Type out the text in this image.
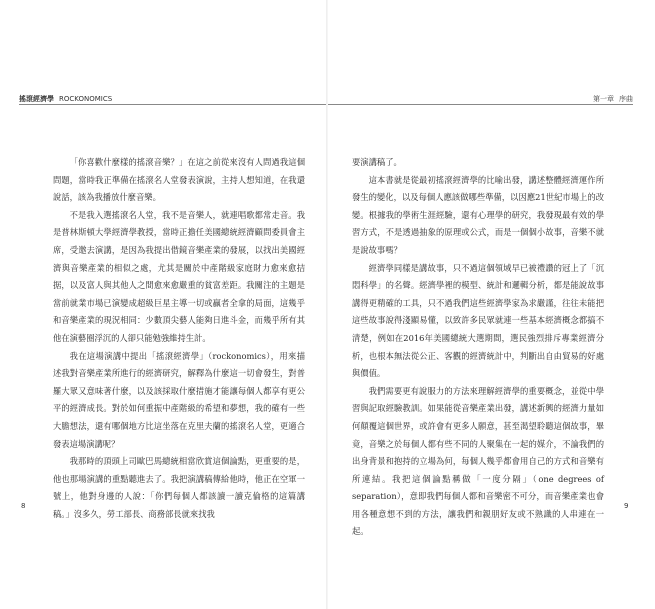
搖滾經濟學 ROCKONOMICS

「你喜歡什麼樣的搖滾音樂？」在這之前從來沒有人問過我這個問題，當時我正準備在搖滾名人堂發表演說，主持人想知道，在我還說話，該為我播放什麼音樂。

不是我入選搖滾名人堂，我不是音樂人，就連唱歌都常走音。我是普林斯頓大學經濟學教授，當時正擔任美國總統經濟顧問委員會主席，受邀去演講，是因為我提出借鏡音樂產業的發展，以找出美國經濟與音樂產業的相似之處，尤其是關於中產階級家庭財力愈來愈拮据，以及富人與其他人之間愈來愈嚴重的貧富差距。我關注的主題是當前就業市場已演變成超級巨星主導一切或贏者全拿的局面，這幾乎和音樂產業的現況相同：少數頂尖藝人能夠日進斗金，而幾乎所有其他在演藝圈浮沉的人卻只能勉強維持生計。

我在這場演講中提出「搖滾經濟學」（rockonomics），用來描述我對音樂產業所進行的經濟研究，解釋為什麼這一切會發生，對普羅大眾又意味著什麼，以及該採取什麼措施才能讓每個人都享有更公平的經濟成長。對於如何重振中產階級的希望和夢想，我的確有一些大膽想法，還有哪個地方比這坐落在克里夫蘭的搖滾名人堂，更適合發表這場演講呢？

我那時的頂頭上司歐巴馬總統相當欣賞這個論點，更重要的是，他也那場演講的重點聽進去了。我把演講稿傳給他時，他正在空軍一號上，他對身邊的人說：「你們每個人都該讀一讀克倫格的這篇講稿。」沒多久，勞工部長、商務部長就來找我

8
第一章 序曲

要演講稿了。

這本書就是從最初搖滾經濟學的比喻出發，講述整體經濟運作所發生的變化，以及每個人應該做哪些準備，以因應21世紀市場上的改變。根據我的學術生涯經驗，還有心理學的研究，我發現最有效的學習方式，不是透過抽象的原理或公式，而是一個個小故事，音樂不就是說故事嗎？

經濟學同樣是講故事，只不過這個領域早已被禮讚的冠上了「沉悶科學」的名聲。經濟學裡的模型、統計和邏輯分析，都是能說故事講得更精確的工具，只不過我們這些經濟學家為求嚴謹，往往未能把這些故事說得淺顯易懂，以致許多民眾就連一些基本經濟概念都搞不清楚，例如在2016年美國總統大選期間，選民強烈排斥專業經濟分析，也根本無法從公正、客觀的經濟統計中，判斷出自由貿易的好處與價值。

我們需要更有說服力的方法來理解經濟學的重要概念，並從中學習與記取經驗教訓。如果能從音樂產業出發，講述新興的經濟力量如何顛覆這個世界，或許會有更多人願意，甚至渴望聆聽這個故事，畢竟，音樂之於每個人都有些不同的人聚集在一起的媒介，不論我們的出身背景和抱持的立場為何，每個人幾乎都會用自己的方式和音樂有所連結。我把這個論點稱做「一度分隔」（one degrees of separation），意即我們每個人都和音樂密不可分，而音樂產業也會用各種意想不到的方法，讓我們和親朋好友或不熟識的人串連在一起。

9
